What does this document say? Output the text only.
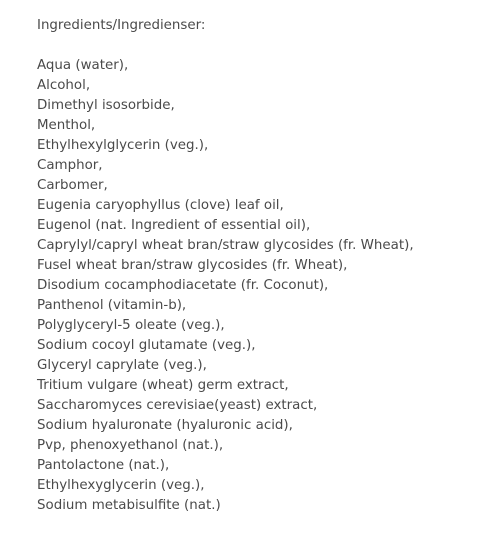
Ingredients/Ingredienser:
Aqua (water),
Alcohol,
Dimethyl isosorbide,
Menthol,
Ethylhexylglycerin (veg.),
Camphor,
Carbomer,
Eugenia caryophyllus (clove) leaf oil,
Eugenol (nat. Ingredient of essential oil),
Caprylyl/capryl wheat bran/straw glycosides (fr. Wheat),
Fusel wheat bran/straw glycosides (fr. Wheat),
Disodium cocamphodiacetate (fr. Coconut),
Panthenol (vitamin-b),
Polyglyceryl-5 oleate (veg.),
Sodium cocoyl glutamate (veg.),
Glyceryl caprylate (veg.),
Tritium vulgare (wheat) germ extract,
Saccharomyces cerevisiae(yeast) extract,
Sodium hyaluronate (hyaluronic acid),
Pvp, phenoxyethanol (nat.),
Pantolactone (nat.),
Ethylhexyglycerin (veg.),
Sodium metabisulfite (nat.)
